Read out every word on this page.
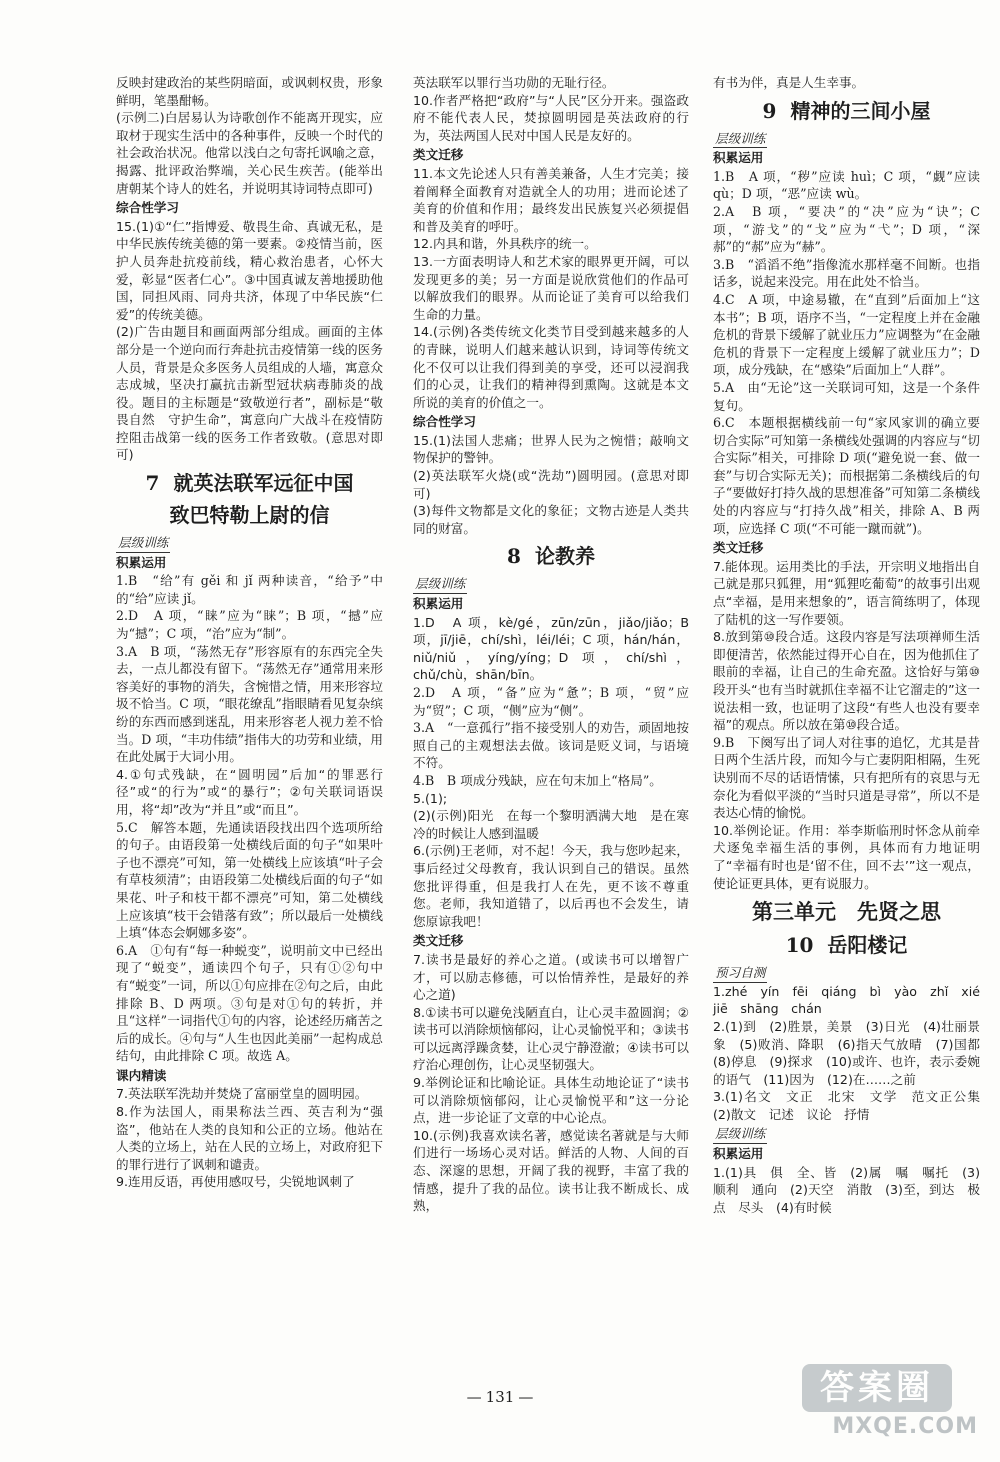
反映封建政治的某些阴暗面，或讽刺权贵，形象鲜明，笔墨酣畅。

(示例二)白居易认为诗歌创作不能离开现实，应取材于现实生活中的各种事件，反映一个时代的社会政治状况。他常以浅白之句寄托讽喻之意，揭露、批评政治弊端，关心民生疾苦。(能举出唐朝某个诗人的姓名，并说明其诗词特点即可)

综合性学习

15.(1)①“仁”指博爱、敬畏生命、真诚无私，是中华民族传统美德的第一要素。②疫情当前，医护人员奔赴抗疫前线，精心救治患者，心怀大爱，彰显“医者仁心”。③中国真诚友善地援助他国，同担风雨、同舟共济，体现了中华民族“仁爱”的传统美德。

(2)广告由题目和画面两部分组成。画面的主体部分是一个逆向而行奔赴抗击疫情第一线的医务人员，背景是众多医务人员组成的人墙，寓意众志成城，坚决打赢抗击新型冠状病毒肺炎的战役。题目的主标题是“致敬逆行者”，副标是“敬畏自然　守护生命”，寓意向广大战斗在疫情防控阻击战第一线的医务工作者致敬。(意思对即可)

7 就英法联军远征中国
致巴特勒上尉的信
层级训练
积累运用

1.B　“给”有 gěi 和 jǐ 两种读音，“给予”中的“给”应读 jǐ。

2.D　A 项，“睐”应为“睐”；B 项，“撼”应为“撼”；C 项，“治”应为“制”。

3.A　B 项，“荡然无存”形容原有的东西完全失去，一点儿都没有留下。“荡然无存”通常用来形容美好的事物的消失，含惋惜之情，用来形容垃圾不恰当。C 项，“眼花缭乱”指眼睛看见复杂缤纷的东西而感到迷乱，用来形容老人视力差不恰当。D 项，“丰功伟绩”指伟大的功劳和业绩，用在此处属于大词小用。

4.①句式残缺，在“圆明园”后加“的罪恶行径”或“的行为”或“的暴行”；②句关联词语误用，将“却”改为“并且”或“而且”。

5.C　解答本题，先通读语段找出四个选项所给的句子。由语段第一处横线后面的句子“如果叶子也不漂亮”可知，第一处横线上应该填“叶子会有草枝须清”；由语段第二处横线后面的句子“如果花、叶子和枝干都不漂亮”可知，第二处横线上应该填“枝干会错落有致”；所以最后一处横线上填“体态会婀娜多姿”。

6.A　①句有“每一种蜕变”，说明前文中已经出现了“蜕变”，通读四个句子，只有①②句中有“蜕变”一词，所以①句应排在②句之后，由此排除 B、D 两项。③句是对①句的转折，并且“这样”一词指代①句的内容，论述经历痛苦之后的成长。④句与“人生也因此美丽”一起构成总结句，由此排除 C 项。故选 A。

课内精读

7.英法联军洗劫并焚烧了富丽堂皇的圆明园。

8.作为法国人，雨果称法兰西、英吉利为“强盗”，他站在人类的良知和公正的立场。他站在人类的立场上，站在人民的立场上，对政府犯下的罪行进行了讽刺和谴责。

9.连用反语，再使用感叹号，尖锐地讽刺了

英法联军以罪行当功勋的无耻行径。

10.作者严格把“政府”与“人民”区分开来。强盗政府不能代表人民，焚掠圆明园是英法政府的行为，英法两国人民对中国人民是友好的。

类文迁移

11.本文先论述人只有善美兼备，人生才完美；接着阐释全面教育对造就全人的功用；进而论述了美育的价值和作用；最终发出民族复兴必须提倡和普及美育的呼吁。

12.内具和谐，外具秩序的统一。

13.一方面表明诗人和艺术家的眼界更开阔，可以发现更多的美；另一方面是说欣赏他们的作品可以解放我们的眼界。从而论证了美育可以给我们生命的力量。

14.(示例)各类传统文化类节目受到越来越多的人的青睐，说明人们越来越认识到，诗词等传统文化不仅可以让我们得到美的享受，还可以浸润我们的心灵，让我们的精神得到熏陶。这就是本文所说的美育的价值之一。

综合性学习

15.(1)法国人悲痛；世界人民为之惋惜；敲响文物保护的警钟。

(2)英法联军火烧(或“洗劫”)圆明园。(意思对即可)

(3)每件文物都是文化的象征；文物古迹是人类共同的财富。

8 论教养
层级训练
积累运用

1.D　A 项，kè/gé，zūn/zūn，jiǎo/jiǎo；B 项，jī/jiē，chí/shì，léi/léi；C 项，hán/hán，niǔ/niǔ，yíng/yíng；D 项，chí/shì，chǔ/chù，shān/bīn。

2.D　A 项，“备”应为“惫”；B 项，“贸”应为“贸”；C 项，“侧”应为“侧”。

3.A　“一意孤行”指不接受别人的劝告，顽固地按照自己的主观想法去做。该词是贬义词，与语境不符。

4.B　B 项成分残缺，应在句末加上“格局”。

5.(1);

(2)(示例)阳光　在每一个黎明洒满大地　是在寒冷的时候让人感到温暖

6.(示例)王老师，对不起！今天，我与您吵起来，事后经过父母教育，我认识到自己的错误。虽然您批评得重，但是我打人在先，更不该不尊重您。老师，我知道错了，以后再也不会发生，请您原谅我吧！

类文迁移

7.读书是最好的养心之道。(或读书可以增智广才，可以励志修德，可以怡情养性，是最好的养心之道)

8.①读书可以避免浅陋直白，让心灵丰盈圆润；②读书可以消除烦恼郁闷，让心灵愉悦平和；③读书可以远离浮躁贪婪，让心灵宁静澄澈；④读书可以疗治心理创伤，让心灵坚韧强大。

9.举例论证和比喻论证。具体生动地论证了“读书可以消除烦恼郁闷，让心灵愉悦平和”这一分论点，进一步论证了文章的中心论点。

10.(示例)我喜欢读名著，感觉读名著就是与大师们进行一场场心灵对话。鲜活的人物、人间的百态、深邃的思想，开阔了我的视野，丰富了我的情感，提升了我的品位。读书让我不断成长、成熟，

有书为伴，真是人生幸事。

9 精神的三间小屋
层级训练
积累运用

1.B　A 项，“秽”应读 huì；C 项，“觑”应读 qù；D 项，“恶”应读 wù。

2.A　B 项，“要决”的“决”应为“诀”；C 项，“游戈”的“戈”应为“弋”；D 项，“深郝”的“郝”应为“赫”。

3.B　“滔滔不绝”指像流水那样毫不间断。也指话多，说起来没完。用在此处不恰当。

4.C　A 项，中途易辙，在“直到”后面加上“这本书”；B 项，语序不当，“一定程度上并在金融危机的背景下缓解了就业压力”应调整为“在金融危机的背景下一定程度上缓解了就业压力”；D 项，成分残缺，在“感染”后面加上“人群”。

5.A　由“无论”这一关联词可知，这是一个条件复句。

6.C　本题根据横线前一句“家风家训的确立要切合实际”可知第一条横线处强调的内容应与“切合实际”相关，可排除 D 项(“避免说一套、做一套”与切合实际无关)；而根据第二条横线后的句子“要做好打持久战的思想准备”可知第二条横线处的内容应与“打持久战”相关，排除 A、B 两项，应选择 C 项(“不可能一蹴而就”)。

类文迁移

7.能体现。运用类比的手法，开宗明义地指出自己就是那只狐狸，用“狐狸吃葡萄”的故事引出观点“幸福，是用来想象的”，语言简练明了，体现了陆机的这一写作要领。

8.放到第⑩段合适。这段内容是写法项禅师生活即便清苦，依然能过得开心自在，因为他抓住了眼前的幸福，让自己的生命充盈。这恰好与第⑩段开头“也有当时就抓住幸福不让它溜走的”这一说法相一致，也证明了这段“有些人也没有要幸福”的观点。所以放在第⑩段合适。

9.B　下阕写出了词人对往事的追忆，尤其是昔日两个生活片段，而知今与亡妻阴阳相隔，生死诀别而不尽的话语情愫，只有把所有的哀思与无奈化为看似平淡的“当时只道是寻常”，所以不是表达心情的愉悦。

10.举例论证。作用：举李斯临刑时怀念从前牵犬逐兔幸福生活的事例，具体而有力地证明了“幸福有时也是‘留不住，回不去’”这一观点，使论证更具体，更有说服力。

第三单元　先贤之思
10 岳阳楼记
预习自测

1.zhé　yín　fēi　qiáng　bì　yào　zhǐ　xié　jiē　shāng　chán

2.(1)到　(2)胜景，美景　(3)日光　(4)壮丽景象　(5)败消、降职　(6)指天气放晴　(7)国都　(8)停息　(9)探求　(10)或许、也许，表示委婉的语气　(11)因为　(12)在……之前

3.(1)名文　文正　北宋　文学　范文正公集　(2)散文　记述　议论　抒情

层级训练
积累运用

1.(1)具　俱　全、皆　(2)属　嘱　嘱托　(3)顺利　通向　(2)天空　消散　(3)至，到达　极点　尽头　(4)有时候

— 131 —	答案圈
MXQE.COM
